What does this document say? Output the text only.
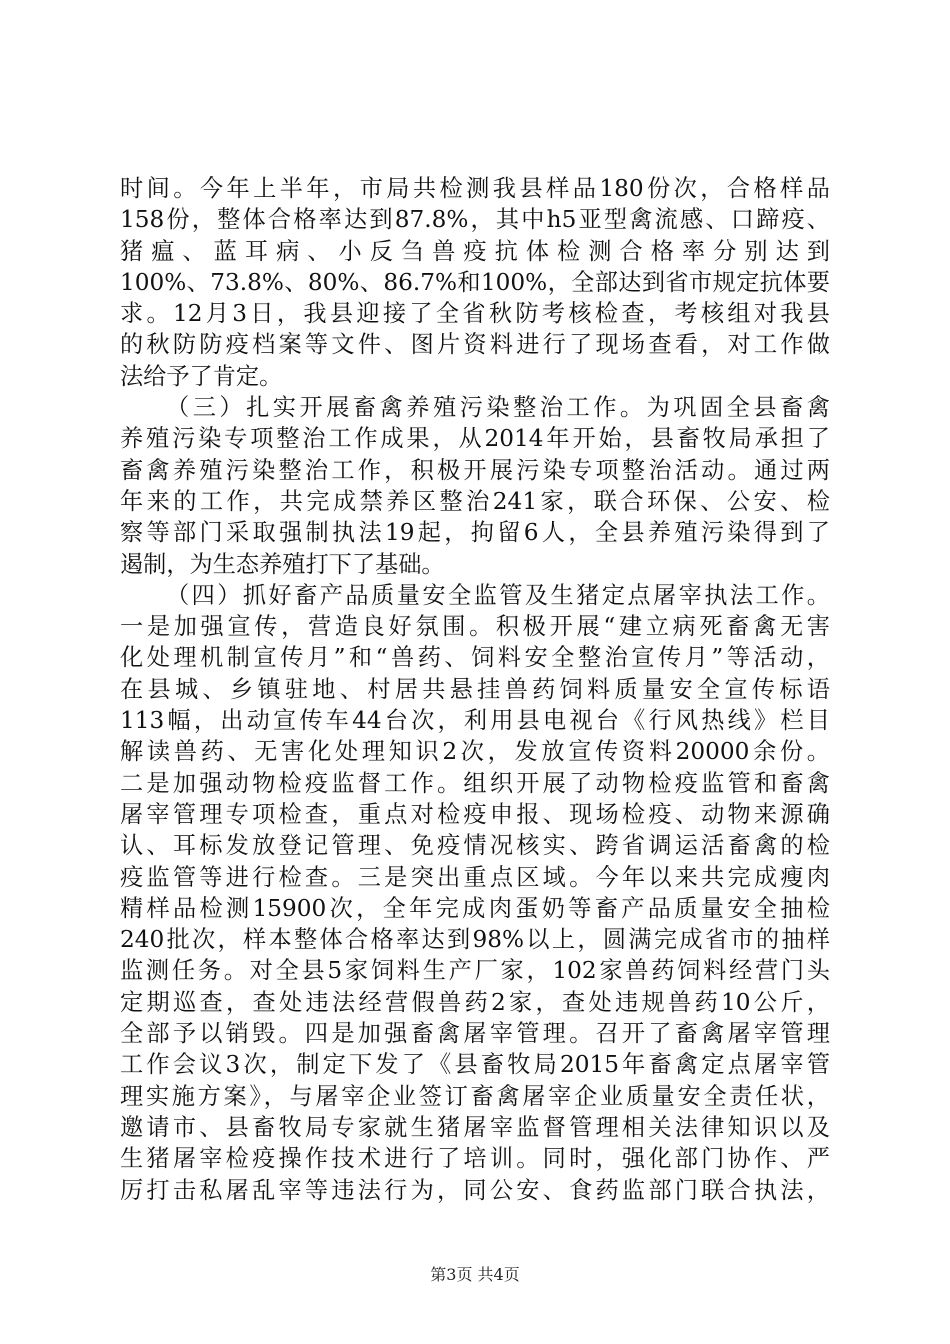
时间。今年上半年，市局共检测我县样品180份次，合格样品
158份，整体合格率达到87.8%，其中h5亚型禽流感、口蹄疫、
猪瘟、蓝耳病、小反刍兽疫抗体检测合格率分别达到
100%、73.8%、80%、86.7%和100%，全部达到省市规定抗体要
求。12月3日，我县迎接了全省秋防考核检查，考核组对我县
的秋防防疫档案等文件、图片资料进行了现场查看，对工作做
法给予了肯定。
（三）扎实开展畜禽养殖污染整治工作。为巩固全县畜禽
养殖污染专项整治工作成果，从2014年开始，县畜牧局承担了
畜禽养殖污染整治工作，积极开展污染专项整治活动。通过两
年来的工作，共完成禁养区整治241家，联合环保、公安、检
察等部门采取强制执法19起，拘留6人，全县养殖污染得到了
遏制，为生态养殖打下了基础。
（四）抓好畜产品质量安全监管及生猪定点屠宰执法工作。
一是加强宣传，营造良好氛围。积极开展“建立病死畜禽无害
化处理机制宣传月”和“兽药、饲料安全整治宣传月”等活动，
在县城、乡镇驻地、村居共悬挂兽药饲料质量安全宣传标语
113幅，出动宣传车44台次，利用县电视台《行风热线》栏目
解读兽药、无害化处理知识2次，发放宣传资料20000余份。
二是加强动物检疫监督工作。组织开展了动物检疫监管和畜禽
屠宰管理专项检查，重点对检疫申报、现场检疫、动物来源确
认、耳标发放登记管理、免疫情况核实、跨省调运活畜禽的检
疫监管等进行检查。三是突出重点区域。今年以来共完成瘦肉
精样品检测15900次，全年完成肉蛋奶等畜产品质量安全抽检
240批次，样本整体合格率达到98%以上，圆满完成省市的抽样
监测任务。对全县5家饲料生产厂家，102家兽药饲料经营门头
定期巡查，查处违法经营假兽药2家，查处违规兽药10公斤，
全部予以销毁。四是加强畜禽屠宰管理。召开了畜禽屠宰管理
工作会议3次，制定下发了《县畜牧局2015年畜禽定点屠宰管
理实施方案》，与屠宰企业签订畜禽屠宰企业质量安全责任状，
邀请市、县畜牧局专家就生猪屠宰监督管理相关法律知识以及
生猪屠宰检疫操作技术进行了培训。同时，强化部门协作、严
厉打击私屠乱宰等违法行为，同公安、食药监部门联合执法，
第3页 共4页
